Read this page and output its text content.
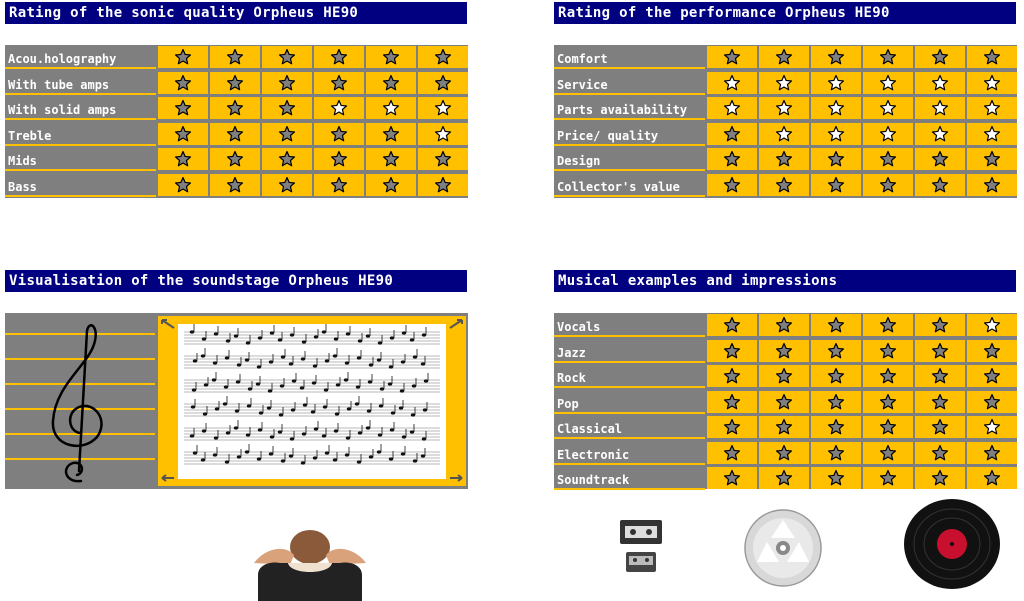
Rating of the sonic quality Orpheus HE90
Acou.holography
With tube amps
With solid amps
Treble
Mids
Bass
Rating of the performance Orpheus HE90
Comfort
Service
Parts availability
Price/ quality
Design
Collector's value
Visualisation of the soundstage Orpheus HE90	Musical examples and impressions
Vocals
Jazz
Rock
Pop
Classical
Electronic
Soundtrack
